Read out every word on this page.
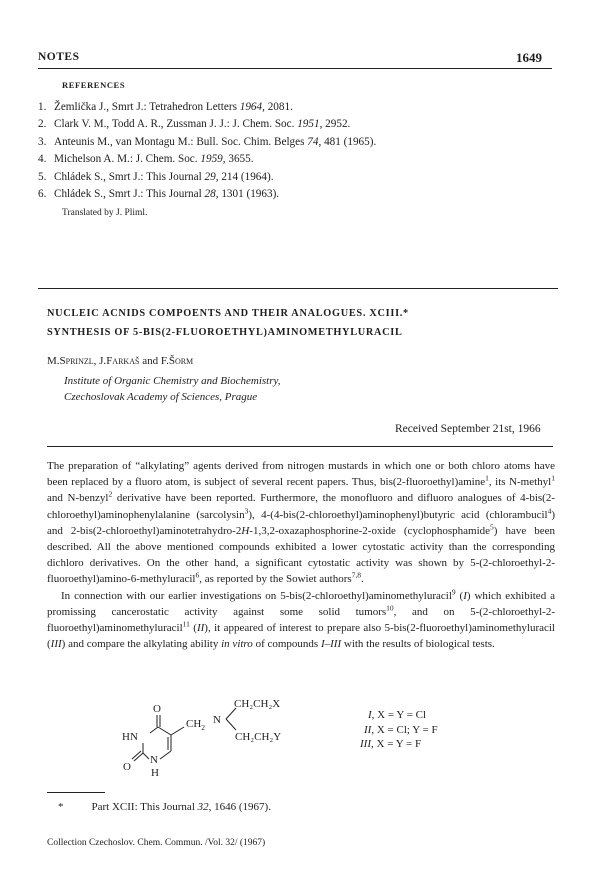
NOTES	1649
REFERENCES
1. Žemlička J., Smrt J.: Tetrahedron Letters 1964, 2081.
2. Clark V. M., Todd A. R., Zussman J. J.: J. Chem. Soc. 1951, 2952.
3. Anteunis M., van Montagu M.: Bull. Soc. Chim. Belges 74, 481 (1965).
4. Michelson A. M.: J. Chem. Soc. 1959, 3655.
5. Chládek S., Smrt J.: This Journal 29, 214 (1964).
6. Chládek S., Smrt J.: This Journal 28, 1301 (1963).
Translated by J. Pliml.
NUCLEIC ACNIDS COMPOENTS AND THEIR ANALOGUES. XCIII.*
SYNTHESIS OF 5-BIS(2-FLUOROETHYL)AMINOMETHYLURACIL
M.Sprinzl, J.Farkaš and F.Šorm
Institute of Organic Chemistry and Biochemistry,
Czechoslovak Academy of Sciences, Prague
Received September 21st, 1966

The preparation of “alkylating” agents derived from nitrogen mustards in which one or both chloro atoms have been replaced by a fluoro atom, is subject of several recent papers. Thus, bis(2-fluoroethyl)amine$^1$, its N-methyl$^1$ and N-benzyl$^2$ derivative have been reported. Furthermore, the monofluoro and difluoro analogues of 4-bis(2-chloroethyl)aminophenylalanine (sarcolysin$^3$), 4-(4-bis(2-chloroethyl)aminophenyl)butyric acid (chlorambucil$^4$) and 2-bis(2-chloroethyl)aminotetrahydro-2H-1,3,2-oxazaphosphorine-2-oxide (cyclophosphamide$^5$) have been described. All the above mentioned compounds exhibited a lower cytostatic activity than the corresponding dichloro derivatives. On the other hand, a significant cytostatic activity was shown by 5-(2-chloroethyl-2-fluoroethyl)amino-6-methyluracil$^6$, as reported by the Sowiet authors$^{7,8}$.

In connection with our earlier investigations on 5-bis(2-chloroethyl)aminomethyluracil$^9$ (I) which exhibited a promissing cancerostatic activity against some solid tumors$^{10}$, and on 5-(2-chloroethyl-2-fluoroethyl)aminomethyluracil$^{11}$ (II), it appeared of interest to prepare also 5-bis(2-fluoroethyl)aminomethyluracil (III) and compare the alkylating ability in vitro of compounds I–III with the results of biological tests.

O
HN
O
N
H
$CH_2$
N
CH₂CH₂X
CH₂CH₂Y
I, X = Y = Cl
II, X = Cl; Y = F
III, X = Y = F
*	Part XCII: This Journal 32, 1646 (1967).
Collection Czechoslov. Chem. Commun. /Vol. 32/ (1967)
